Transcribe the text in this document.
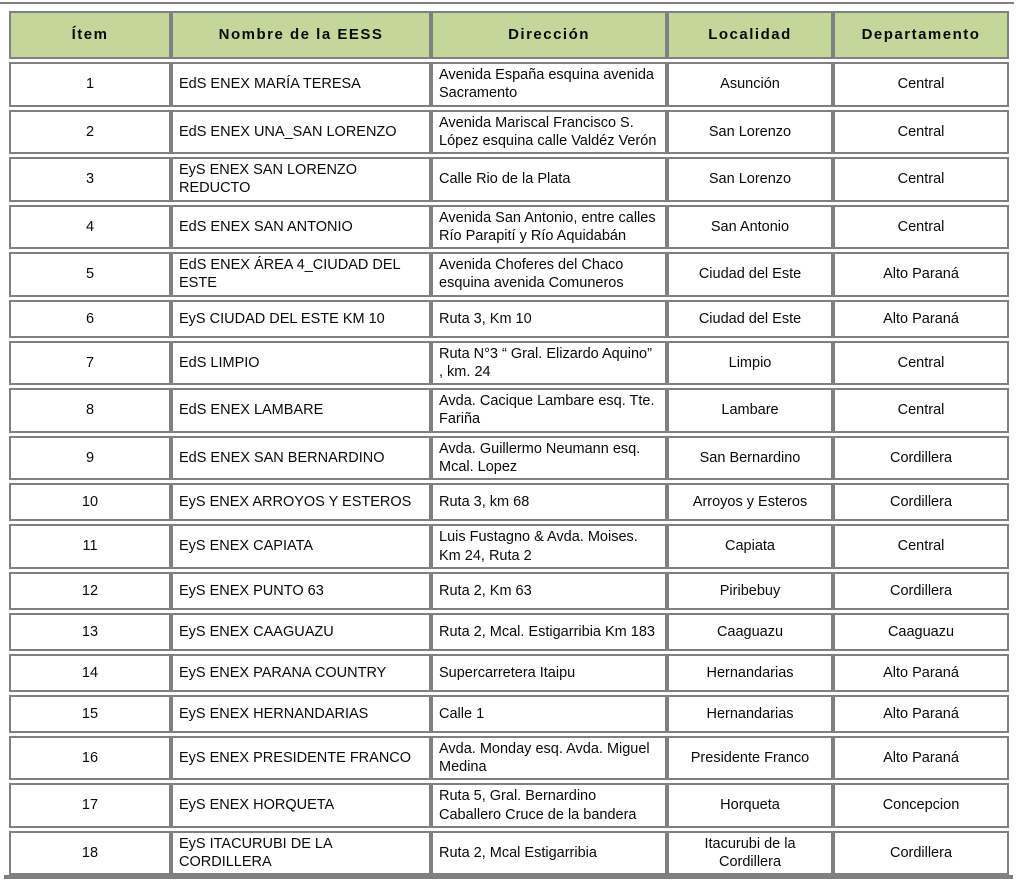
Ítem	Nombre de la EESS	Dirección	Localidad	Departamento
1	EdS ENEX MARÍA TERESA	Avenida España esquina avenida Sacramento	Asunción	Central
2	EdS ENEX UNA_SAN LORENZO	Avenida Mariscal Francisco S. López esquina calle Valdéz Verón	San Lorenzo	Central
3	EyS ENEX SAN LORENZO REDUCTO	Calle Rio de la Plata	San Lorenzo	Central
4	EdS ENEX SAN ANTONIO	Avenida San Antonio, entre calles Río Parapití y Río Aquidabán	San Antonio	Central
5	EdS ENEX ÁREA 4_CIUDAD DEL ESTE	Avenida Choferes del Chaco esquina avenida Comuneros	Ciudad del Este	Alto Paraná
6	EyS CIUDAD DEL ESTE KM 10	Ruta 3, Km 10	Ciudad del Este	Alto Paraná
7	EdS LIMPIO	Ruta N°3 “ Gral. Elizardo Aquino” , km. 24	Limpio	Central
8	EdS ENEX LAMBARE	Avda. Cacique Lambare esq. Tte. Fariña	Lambare	Central
9	EdS ENEX SAN BERNARDINO	Avda. Guillermo Neumann esq. Mcal. Lopez	San Bernardino	Cordillera
10	EyS ENEX ARROYOS Y ESTEROS	Ruta 3, km 68	Arroyos y Esteros	Cordillera
11	EyS ENEX CAPIATA	Luis Fustagno & Avda. Moises. Km 24, Ruta 2	Capiata	Central
12	EyS ENEX PUNTO 63	Ruta 2, Km 63	Piribebuy	Cordillera
13	EyS ENEX CAAGUAZU	Ruta 2, Mcal. Estigarribia Km 183	Caaguazu	Caaguazu
14	EyS ENEX PARANA COUNTRY	Supercarretera Itaipu	Hernandarias	Alto Paraná
15	EyS ENEX HERNANDARIAS	Calle 1	Hernandarias	Alto Paraná
16	EyS ENEX PRESIDENTE FRANCO	Avda. Monday esq. Avda. Miguel Medina	Presidente Franco	Alto Paraná
17	EyS ENEX HORQUETA	Ruta 5, Gral. Bernardino Caballero Cruce de la bandera	Horqueta	Concepcion
18	EyS ITACURUBI DE LA CORDILLERA	Ruta 2, Mcal Estigarribia	Itacurubi de la Cordillera	Cordillera
